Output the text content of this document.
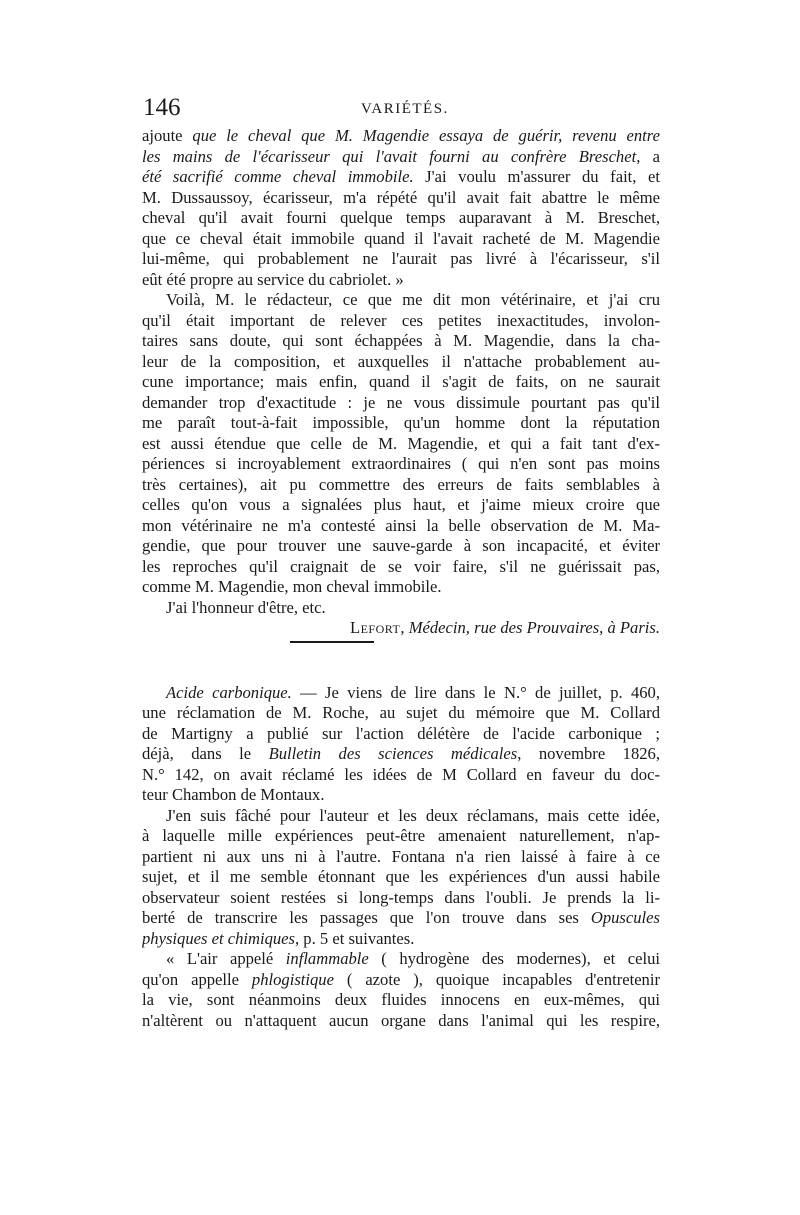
146	VARIÉTÉS.
ajoute que le cheval que M. Magendie essaya de guérir, revenu entre
les mains de l'écarisseur qui l'avait fourni au confrère Breschet, a
été sacrifié comme cheval immobile. J'ai voulu m'assurer du fait, et
M. Dussaussoy, écarisseur, m'a répété qu'il avait fait abattre le même
cheval qu'il avait fourni quelque temps auparavant à M. Breschet,
que ce cheval était immobile quand il l'avait racheté de M. Magendie
lui-même, qui probablement ne l'aurait pas livré à l'écarisseur, s'il
eût été propre au service du cabriolet. »
Voilà, M. le rédacteur, ce que me dit mon vétérinaire, et j'ai cru
qu'il était important de relever ces petites inexactitudes, involon-
taires sans doute, qui sont échappées à M. Magendie, dans la cha-
leur de la composition, et auxquelles il n'attache probablement au-
cune importance; mais enfin, quand il s'agit de faits, on ne saurait
demander trop d'exactitude : je ne vous dissimule pourtant pas qu'il
me paraît tout-à-fait impossible, qu'un homme dont la réputation
est aussi étendue que celle de M. Magendie, et qui a fait tant d'ex-
périences si incroyablement extraordinaires ( qui n'en sont pas moins
très certaines), ait pu commettre des erreurs de faits semblables à
celles qu'on vous a signalées plus haut, et j'aime mieux croire que
mon vétérinaire ne m'a contesté ainsi la belle observation de M. Ma-
gendie, que pour trouver une sauve-garde à son incapacité, et éviter
les reproches qu'il craignait de se voir faire, s'il ne guérissait pas,
comme M. Magendie, mon cheval immobile.
J'ai l'honneur d'être, etc.
Lefort, Médecin, rue des Prouvaires, à Paris.
Acide carbonique. — Je viens de lire dans le N.° de juillet, p. 460,
une réclamation de M. Roche, au sujet du mémoire que M. Collard
de Martigny a publié sur l'action délétère de l'acide carbonique ;
déjà, dans le Bulletin des sciences médicales, novembre 1826,
N.° 142, on avait réclamé les idées de M Collard en faveur du doc-
teur Chambon de Montaux.
J'en suis fâché pour l'auteur et les deux réclamans, mais cette idée,
à laquelle mille expériences peut-être amenaient naturellement, n'ap-
partient ni aux uns ni à l'autre. Fontana n'a rien laissé à faire à ce
sujet, et il me semble étonnant que les expériences d'un aussi habile
observateur soient restées si long-temps dans l'oubli. Je prends la li-
berté de transcrire les passages que l'on trouve dans ses Opuscules
physiques et chimiques, p. 5 et suivantes.
« L'air appelé inflammable ( hydrogène des modernes), et celui
qu'on appelle phlogistique ( azote ), quoique incapables d'entretenir
la vie, sont néanmoins deux fluides innocens en eux-mêmes, qui
n'altèrent ou n'attaquent aucun organe dans l'animal qui les respire,
